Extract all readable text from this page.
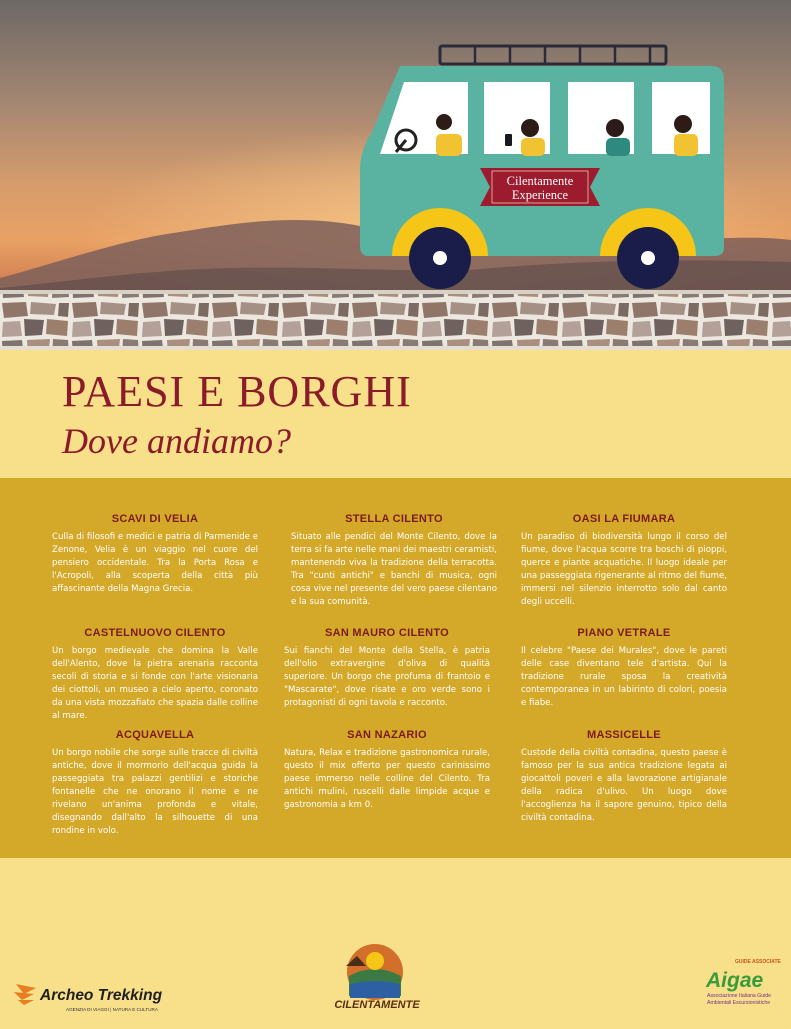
Cilentamente
Experience
PAESI E BORGHI
Dove andiamo?
SCAVI DI VELIA

Culla di filosofi e medici e patria di Parmenide e Zenone, Velia è un viaggio nel cuore del pensiero occidentale. Tra la Porta Rosa e l'Acropoli, alla scoperta della città più affascinante della Magna Grecia.

STELLA CILENTO

Situato alle pendici del Monte Cilento, dove la terra si fa arte nelle mani dei maestri ceramisti, mantenendo viva la tradizione della terracotta. Tra "cunti antichi" e banchi di musica, ogni cosa vive nel presente del vero paese cilentano e la sua comunità.

OASI LA FIUMARA

Un paradiso di biodiversità lungo il corso del fiume, dove l'acqua scorre tra boschi di pioppi, querce e piante acquatiche. Il luogo ideale per una passeggiata rigenerante al ritmo del fiume, immersi nel silenzio interrotto solo dal canto degli uccelli.

CASTELNUOVO CILENTO

Un borgo medievale che domina la Valle dell'Alento, dove la pietra arenaria racconta secoli di storia e si fonde con l'arte visionaria dei ciottoli, un museo a cielo aperto, coronato da una vista mozzafiato che spazia dalle colline al mare.

SAN MAURO CILENTO

Sui fianchi del Monte della Stella, è patria dell'olio extravergine d'oliva di qualità superiore. Un borgo che profuma di frantoio e "Mascarate", dove risate e oro verde sono i protagonisti di ogni tavola e racconto.

PIANO VETRALE

Il celebre "Paese dei Murales", dove le pareti delle case diventano tele d'artista. Qui la tradizione rurale sposa la creatività contemporanea in un labirinto di colori, poesia e fiabe.

ACQUAVELLA

Un borgo nobile che sorge sulle tracce di civiltà antiche, dove il mormorio dell'acqua guida la passeggiata tra palazzi gentilizi e storiche fontanelle che ne onorano il nome e ne rivelano un'anima profonda e vitale, disegnando dall'alto la silhouette di una rondine in volo.

SAN NAZARIO

Natura, Relax e tradizione gastronomica rurale, questo il mix offerto per questo carinissimo paese immerso nelle colline del Cilento. Tra antichi mulini, ruscelli dalle limpide acque e gastronomia a km 0.

MASSICELLE

Custode della civiltà contadina, questo paese è famoso per la sua antica tradizione legata ai giocattoli poveri e alla lavorazione artigianale della radica d'ulivo. Un luogo dove l'accoglienza ha il sapore genuino, tipico della civiltà contadina.

Archeo Trekking
AGENZIA DI VIAGGI | NATURA E CULTURA	CILENTAMENTE
GUIDE ASSOCIATE
Aigae
Associazione Italiana Guide
Ambientali Escursionistiche
